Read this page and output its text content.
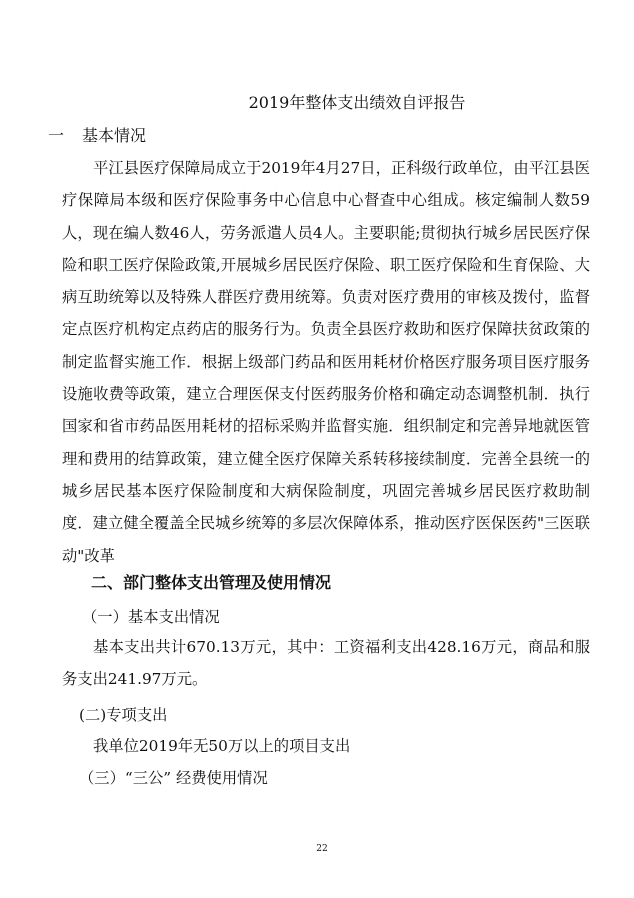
2019年整体支出绩效自评报告
一 基本情况
平江县医疗保障局成立于2019年4月27日，正科级行政单位，由平江县医疗保障局本级和医疗保险事务中心信息中心督查中心组成。核定编制人数59人，现在编人数46人，劳务派遣人员4人。主要职能;贯彻执行城乡居民医疗保险和职工医疗保险政策,开展城乡居民医疗保险、职工医疗保险和生育保险、大病互助统筹以及特殊人群医疗费用统筹。负责对医疗费用的审核及拨付，监督定点医疗机构定点药店的服务行为。负责全县医疗救助和医疗保障扶贫政策的制定监督实施工作．根据上级部门药品和医用耗材价格医疗服务项目医疗服务设施收费等政策，建立合理医保支付医药服务价格和确定动态调整机制．执行国家和省市药品医用耗材的招标采购并监督实施．组织制定和完善异地就医管理和费用的结算政策，建立健全医疗保障关系转移接续制度．完善全县统一的城乡居民基本医疗保险制度和大病保险制度，巩固完善城乡居民医疗救助制度．建立健全覆盖全民城乡统筹的多层次保障体系，推动医疗医保医药"三医联动"改革
二、部门整体支出管理及使用情况
（一）基本支出情况
基本支出共计670.13万元，其中：工资福利支出428.16万元，商品和服务支出241.97万元。
(二)专项支出
我单位2019年无50万以上的项目支出
（三）“三公” 经费使用情况
22
